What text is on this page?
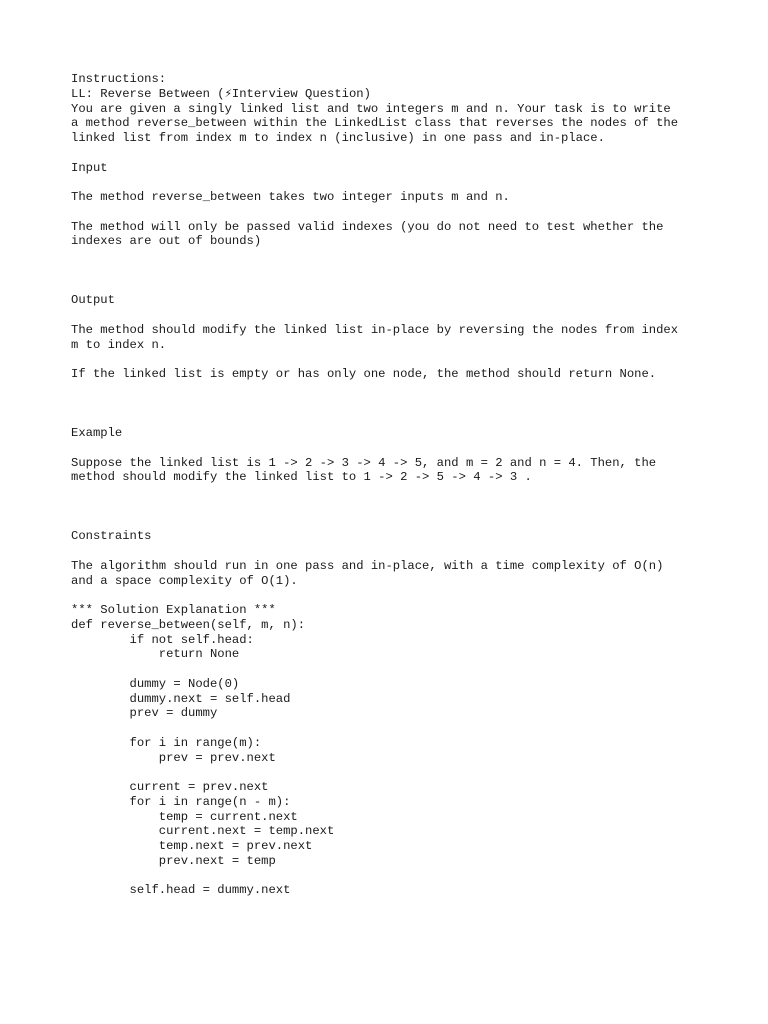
Instructions:
LL: Reverse Between (⚡Interview Question)
You are given a singly linked list and two integers m and n. Your task is to write
a method reverse_between within the LinkedList class that reverses the nodes of the
linked list from index m to index n (inclusive) in one pass and in-place.
Input
The method reverse_between takes two integer inputs m and n.
The method will only be passed valid indexes (you do not need to test whether the
indexes are out of bounds)
Output
The method should modify the linked list in-place by reversing the nodes from index
m to index n.
If the linked list is empty or has only one node, the method should return None.
Example
Suppose the linked list is 1 -> 2 -> 3 -> 4 -> 5, and m = 2 and n = 4. Then, the
method should modify the linked list to 1 -> 2 -> 5 -> 4 -> 3 .
Constraints
The algorithm should run in one pass and in-place, with a time complexity of O(n)
and a space complexity of O(1).
*** Solution Explanation ***
def reverse_between(self, m, n):
if not self.head:
return None
dummy = Node(0)
dummy.next = self.head
prev = dummy
for i in range(m):
prev = prev.next
current = prev.next
for i in range(n - m):
temp = current.next
current.next = temp.next
temp.next = prev.next
prev.next = temp
self.head = dummy.next
